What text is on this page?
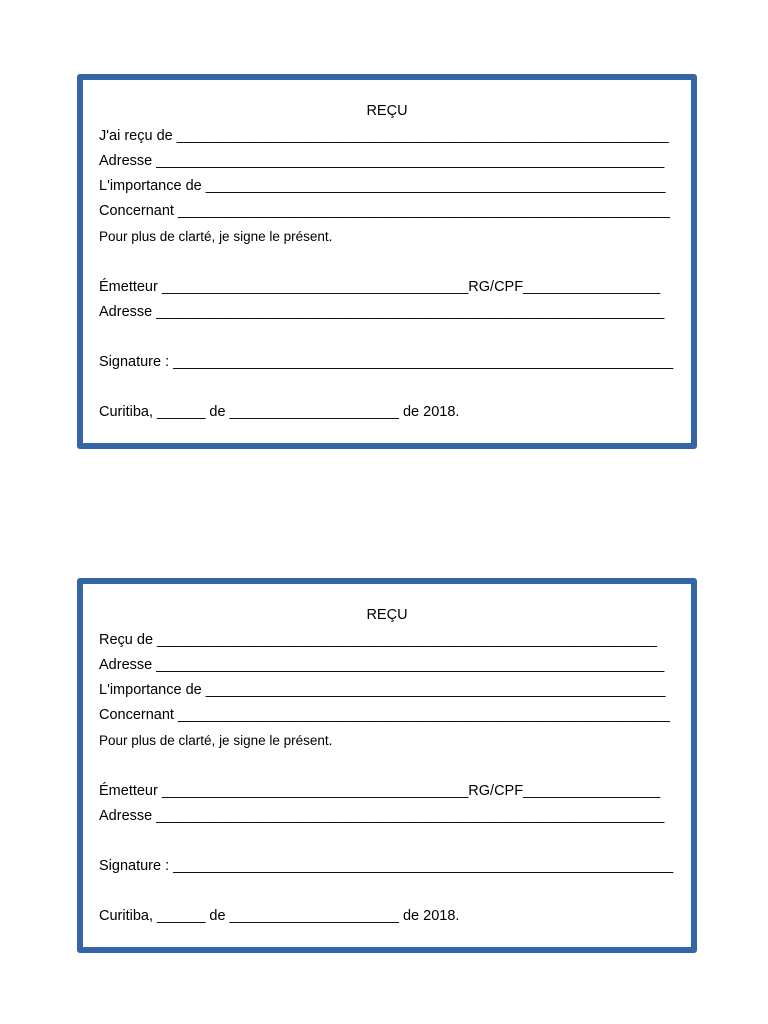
REÇU
J'ai reçu de _____________________________________________________________
Adresse _______________________________________________________________
L'importance de _________________________________________________________
Concernant _____________________________________________________________
Pour plus de clarté, je signe le présent.
Émetteur ______________________________________RG/CPF_________________
Adresse _______________________________________________________________
Signature : ______________________________________________________________
Curitiba, ______ de _____________________ de 2018.
REÇU
Reçu de ______________________________________________________________
Adresse _______________________________________________________________
L'importance de _________________________________________________________
Concernant _____________________________________________________________
Pour plus de clarté, je signe le présent.
Émetteur ______________________________________RG/CPF_________________
Adresse _______________________________________________________________
Signature : ______________________________________________________________
Curitiba, ______ de _____________________ de 2018.
